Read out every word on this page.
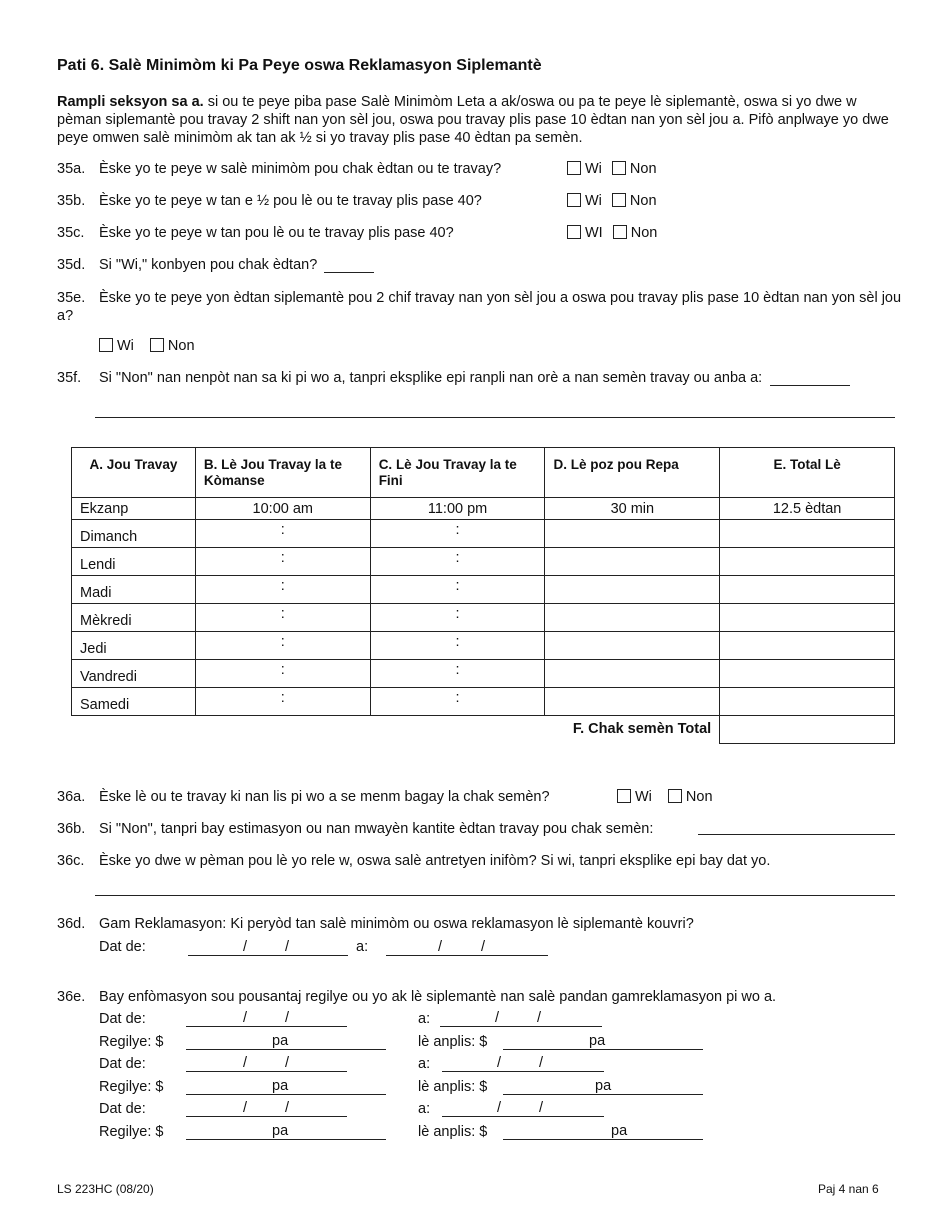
Pati 6. Salè Minimòm ki Pa Peye oswa Reklamasyon Siplemantè
Rampli seksyon sa a. si ou te peye piba pase Salè Minimòm Leta a ak/oswa ou pa te peye lè siplemantè, oswa si yo dwe w pèman siplemantè pou travay 2 shift nan yon sèl jou, oswa pou travay plis pase 10 èdtan nan yon sèl jou a. Pifò anplwaye yo dwe peye omwen salè minimòm ak tan ak ½ si yo travay plis pase 40 èdtan pa semèn.
35a. Èske yo te peye w salè minimòm pou chak èdtan ou te travay?	Wi Non
35b. Èske yo te peye w tan e ½ pou lè ou te travay plis pase 40?	Wi Non
35c. Èske yo te peye w tan pou lè ou te travay plis pase 40?	WI Non
35d. Si "Wi," konbyen pou chak èdtan?
35e. Èske yo te peye yon èdtan siplemantè pou 2 chif travay nan yon sèl jou a oswa pou travay plis pase 10 èdtan nan yon sèl jou a?
Wi Non
35f. Si "Non" nan nenpòt nan sa ki pi wo a, tanpri eksplike epi ranpli nan orè a nan semèn travay ou anba a:
A. Jou Travay	B. Lè Jou Travay la te Kòmanse	C. Lè Jou Travay la te Fini	D. Lè poz pou Repa	E. Total Lè
Ekzanp	10:00 am	11:00 pm	30 min	12.5 èdtan
Dimanch	:	:		
Lendi	:	:		
Madi	:	:		
Mèkredi	:	:		
Jedi	:	:		
Vandredi	:	:		
Samedi	:	:		
F. Chak semèn Total				
36a. Èske lè ou te travay ki nan lis pi wo a se menm bagay la chak semèn?	Wi Non
36b. Si "Non", tanpri bay estimasyon ou nan mwayèn kantite èdtan travay pou chak semèn:
36c. Èske yo dwe w pèman pou lè yo rele w, oswa salè antretyen inifòm? Si wi, tanpri eksplike epi bay dat yo.
36d. Gam Reklamasyon: Ki peryòd tan salè minimòm ou oswa reklamasyon lè siplemantè kouvri?
Dat de:	/	/	a:	/	/
36e. Bay enfòmasyon sou pousantaj regilye ou yo ak lè siplemantè nan salè pandan gamreklamasyon pi wo a.
Dat de:	/	/	a:	/	/
Regilye: $	pa	lè anplis: $	pa
Dat de:	/	/	a:	/	/
Regilye: $	pa	lè anplis: $	pa
Dat de:	/	/	a:	/	/
Regilye: $	pa	lè anplis: $	pa
LS 223HC (08/20)	Paj 4 nan 6
